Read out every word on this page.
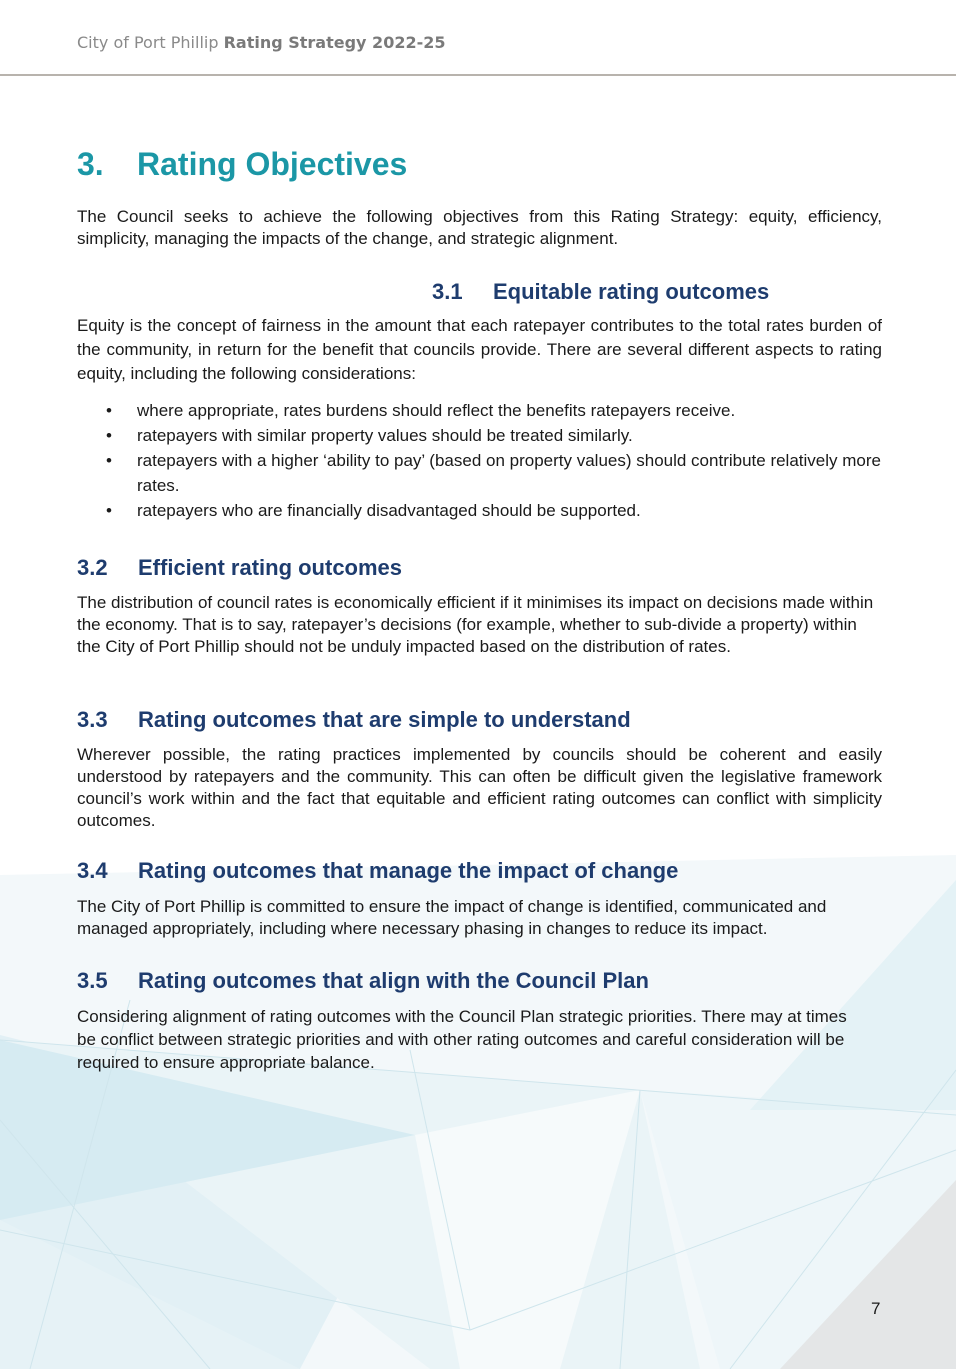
City of Port Phillip Rating Strategy 2022-25
3. Rating Objectives

The Council seeks to achieve the following objectives from this Rating Strategy: equity, efficiency, simplicity, managing the impacts of the change, and strategic alignment.

3.1 Equitable rating outcomes

Equity is the concept of fairness in the amount that each ratepayer contributes to the total rates burden of the community, in return for the benefit that councils provide. There are several different aspects to rating equity, including the following considerations:

• where appropriate, rates burdens should reflect the benefits ratepayers receive.
• ratepayers with similar property values should be treated similarly.
• ratepayers with a higher ‘ability to pay’ (based on property values) should contribute relatively more rates.
• ratepayers who are financially disadvantaged should be supported.
3.2 Efficient rating outcomes

The distribution of council rates is economically efficient if it minimises its impact on decisions made within the economy. That is to say, ratepayer’s decisions (for example, whether to sub-divide a property) within the City of Port Phillip should not be unduly impacted based on the distribution of rates.

3.3 Rating outcomes that are simple to understand

Wherever possible, the rating practices implemented by councils should be coherent and easily understood by ratepayers and the community. This can often be difficult given the legislative framework council’s work within and the fact that equitable and efficient rating outcomes can conflict with simplicity outcomes.

3.4 Rating outcomes that manage the impact of change

The City of Port Phillip is committed to ensure the impact of change is identified, communicated and managed appropriately, including where necessary phasing in changes to reduce its impact.

3.5 Rating outcomes that align with the Council Plan

Considering alignment of rating outcomes with the Council Plan strategic priorities. There may at times be conflict between strategic priorities and with other rating outcomes and careful consideration will be required to ensure appropriate balance.

7
